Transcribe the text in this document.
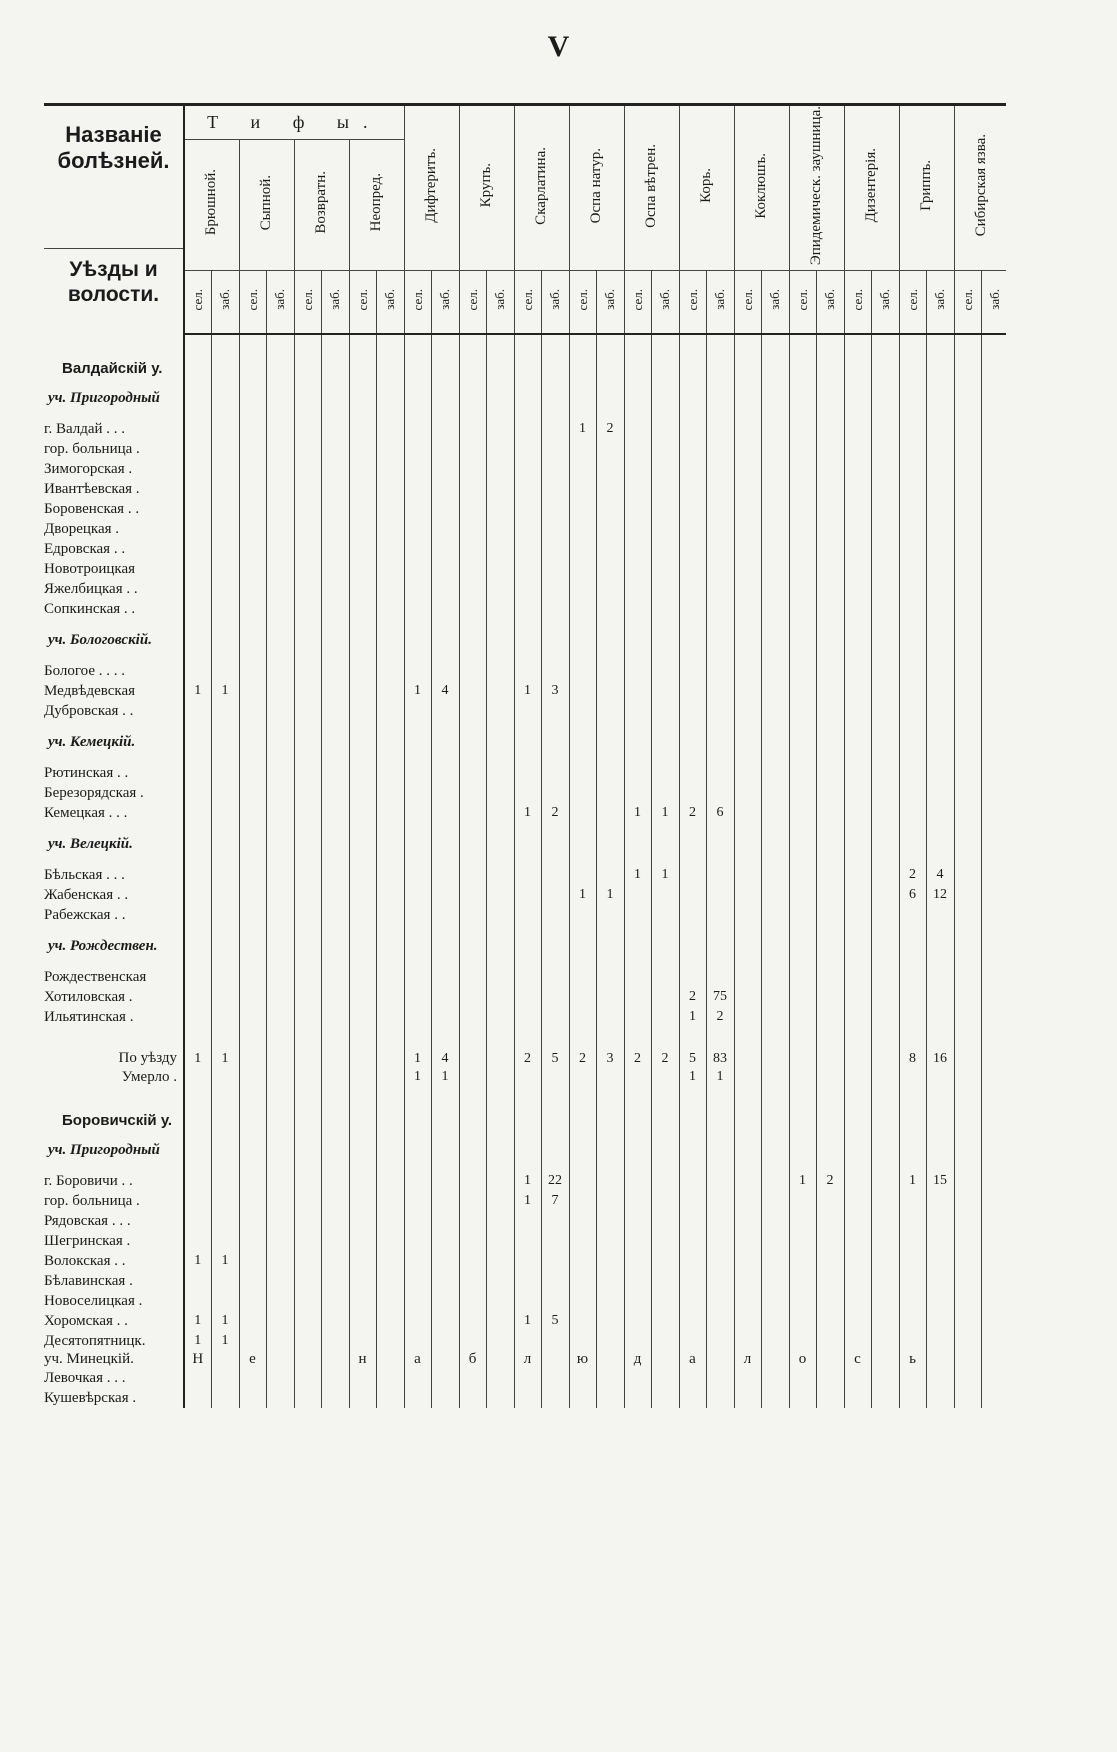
V
Названiе болѣзней.
Уѣзды и волости.	Т и ф ы.								Дифтеритъ.		Крупъ.		Скарлатина.		Оспа натур.		Оспа вѣтрен.		Корь.		Коклюшъ.		Эпидемическ. заушница.		Дизентерiя.		Гриппъ.		Сибирская язва.	
	Брюшной.		Сыпной.		Возвратн.		Неопред.																							
	сел.	заб.	сел.	заб.	сел.	заб.	сел.	заб.	сел.	заб.	сел.	заб.	сел.	заб.	сел.	заб.	сел.	заб.	сел.	заб.	сел.	заб.	сел.	заб.	сел.	заб.	сел.	заб.	сел.	заб.
Валдайскiй у.																														
уч. Пригородный																														
г. Валдай . . .															1	2														
гор. больница .																														
Зимогорская .																														
Ивантѣевская .																														
Боровенская . .																														
Дворецкая .																														
Едровская . .																														
Новотроицкая																														
Яжелбицкая . .																														
Сопкинская . .																														
уч. Бологовскiй.																														
Бологое . . . .																														
Медвѣдевская	1	1							1	4			1	3																
Дубровская . .																														
уч. Кемецкiй.																														
Рютинская . .																														
Березорядская .																														
Кемецкая . . .													1	2			1	1	2	6										
уч. Велецкiй.																														
Бѣльская . . .																	1	1									2	4		
Жабенская . .															1	1											6	12		
Рабежская . .																														
уч. Рождествен.																														
Рождественская																														
Хотиловская .																			2	75										
Ильятинская .																			1	2										
По уѣзду	1	1							1	4			2	5	2	3	2	2	5	83							8	16		
Умерло .									1	1									1	1										
Боровичскiй у.																														
уч. Пригородный																														
г. Боровичи . .													1	22									1	2			1	15		
гор. больница .													1	7																
Рядовская . . .																														
Шегринская .																														
Волокская . .	1	1																												
Бѣлавинская .																														
Новоселицкая .																														
Хоромская . .	1	1											1	5																
Десятопятницк.	1	1																												
уч. Минецкiй.	Н		е				н		а		б		л		ю		д		а		л		о		с		ь			
Левочкая . . .																														
Кушевѣрская .																														
